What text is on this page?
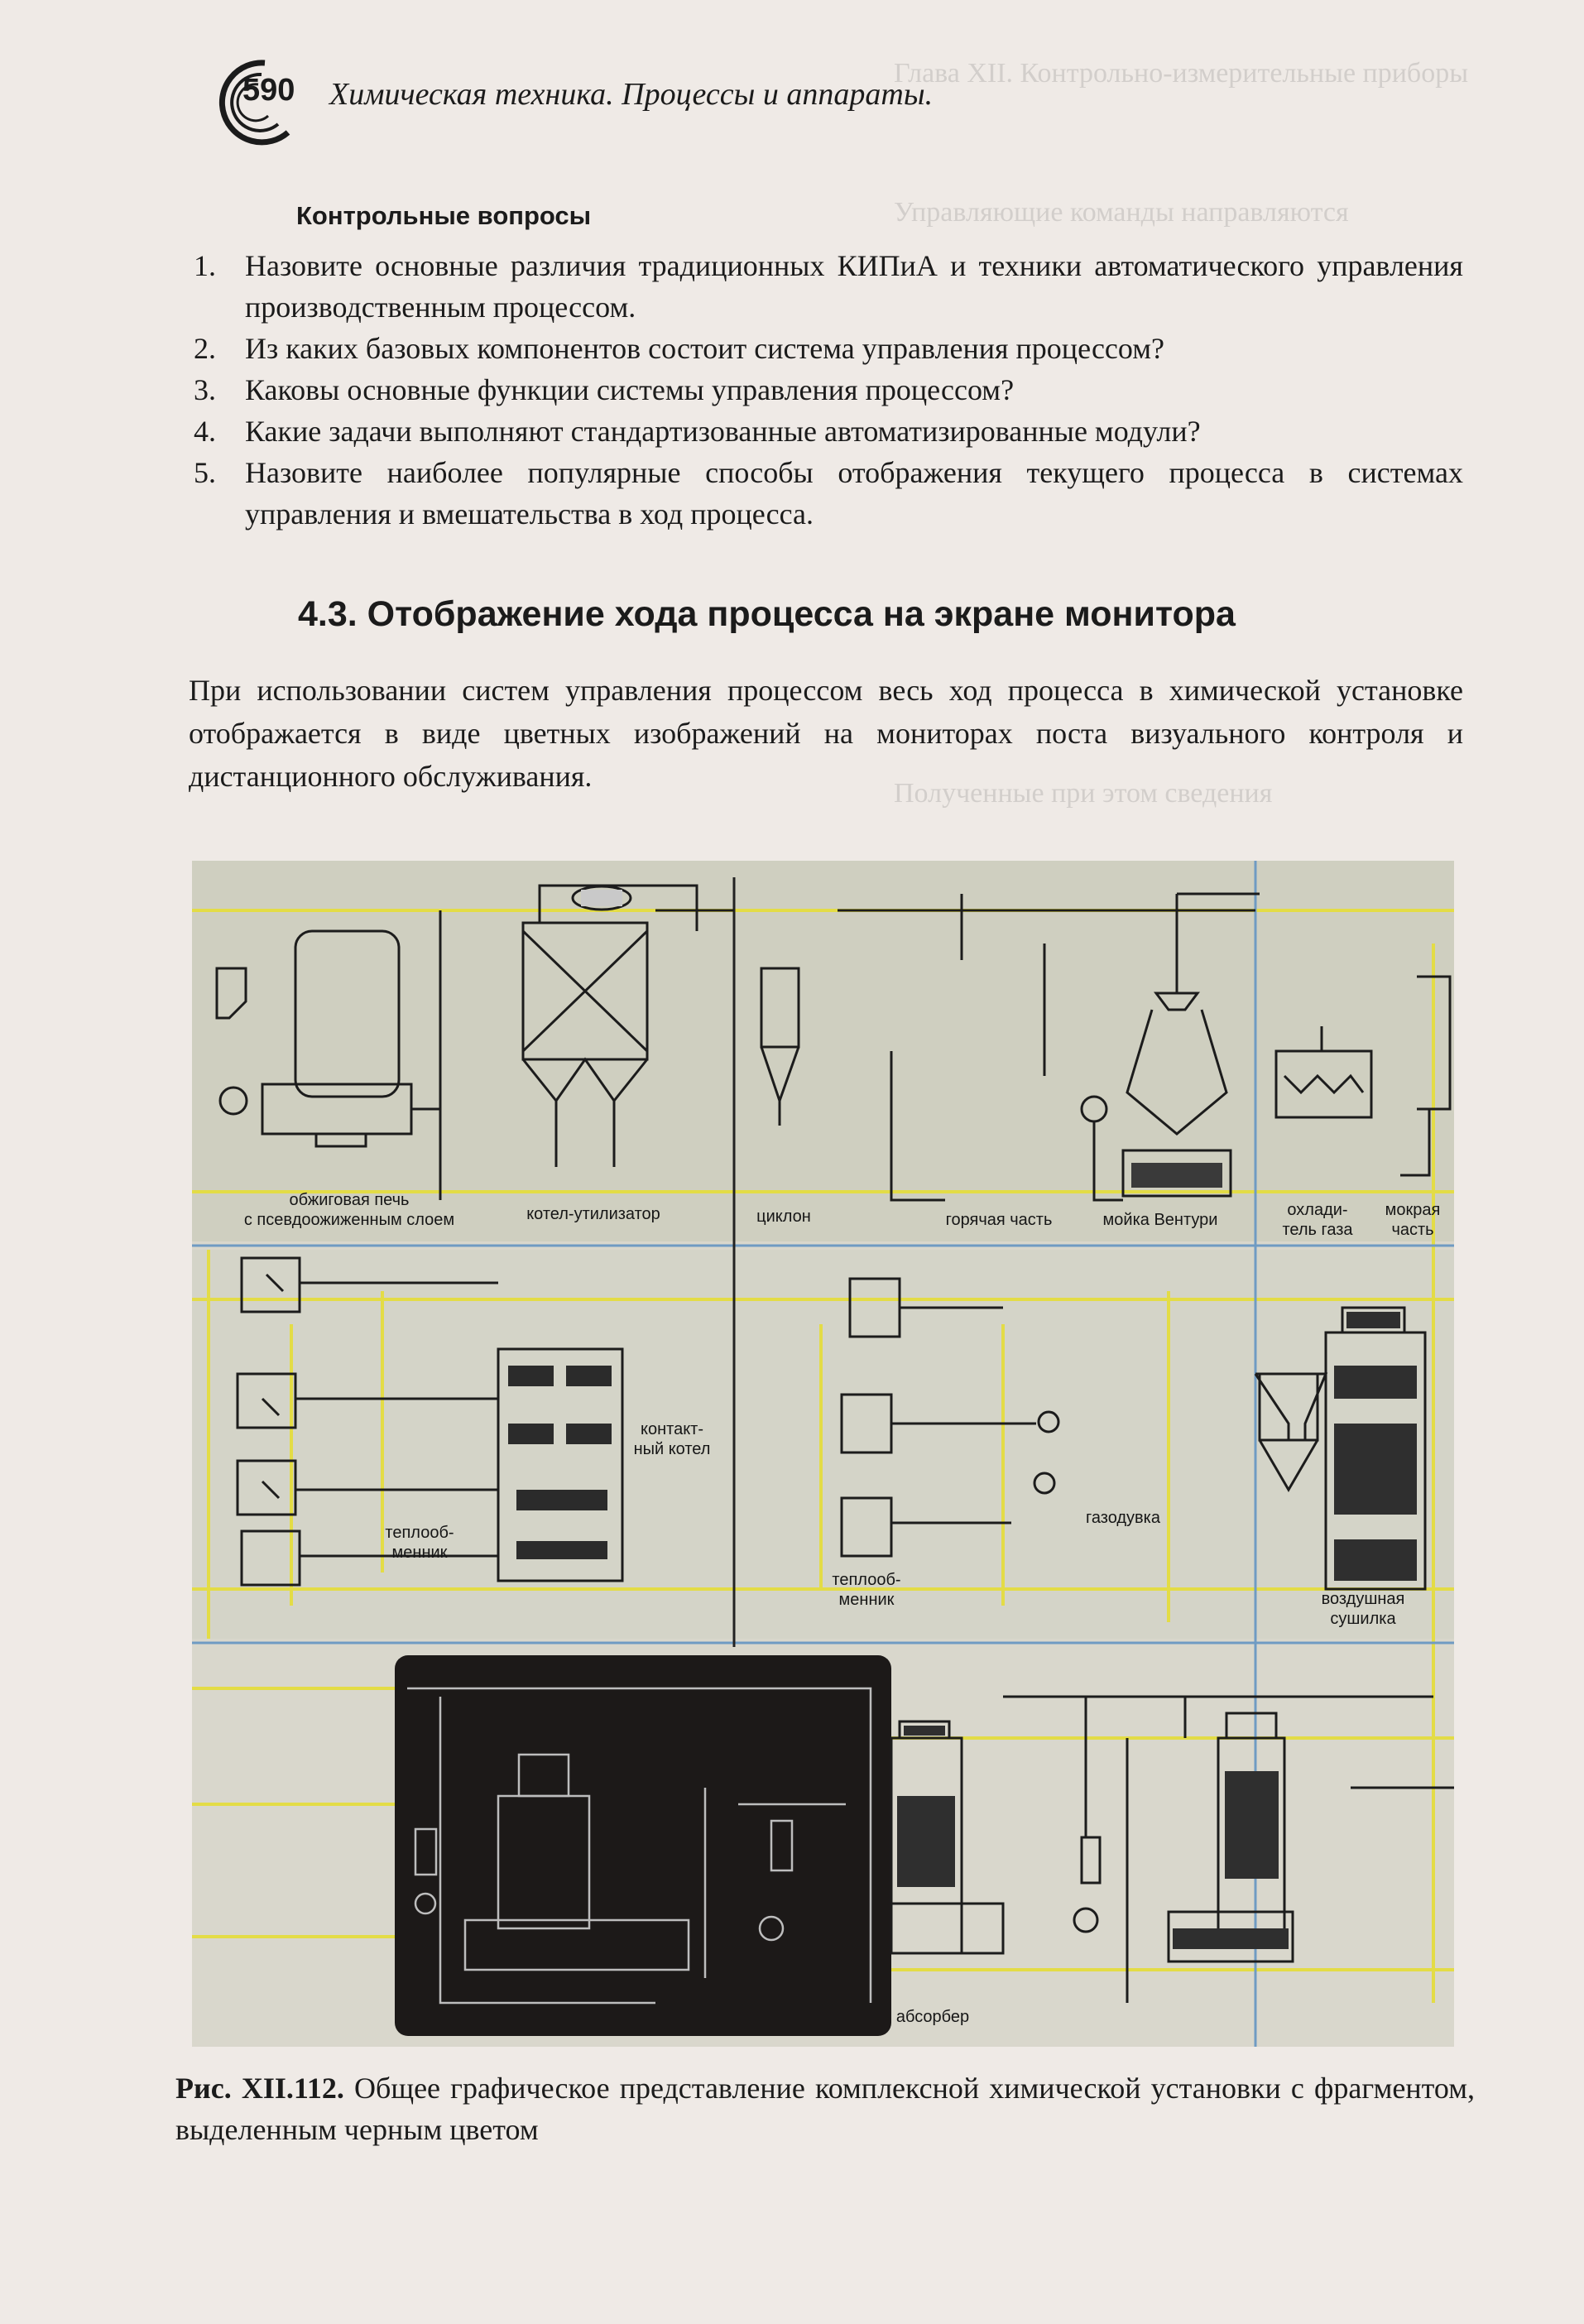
Глава XII. Контрольно-измерительные приборы
Управляющие команды направляются
Полученные при этом сведения
590 Химическая техника. Процессы и аппараты.
Контрольные вопросы
1. Назовите основные различия традиционных КИПиА и техники автоматического управления производственным процессом.
2. Из каких базовых компонентов состоит система управления процессом?
3. Каковы основные функции системы управления процессом?
4. Какие задачи выполняют стандартизованные автоматизированные модули?
5. Назовите наиболее популярные способы отображения текущего процесса в системах управления и вмешательства в ход процесса.
4.3. Отображение хода процесса на экране монитора

При использовании систем управления процессом весь ход процесса в химической установке отображается в виде цветных изображений на мониторах поста визуального контроля и дистанционного обслуживания.

обжиговая печь
с псевдоожиженным слоем	котел-утилизатор	циклон	горячая часть	мойка Вентури
охлади-
тель газа
мокрая
часть
контакт-
ный котел
теплооб-
менник
теплооб-
менник
газодувка
воздушная
сушилка
абсорбер

Рис. XII.112. Общее графическое представление комплексной химической установки с фрагментом, выделенным черным цветом
